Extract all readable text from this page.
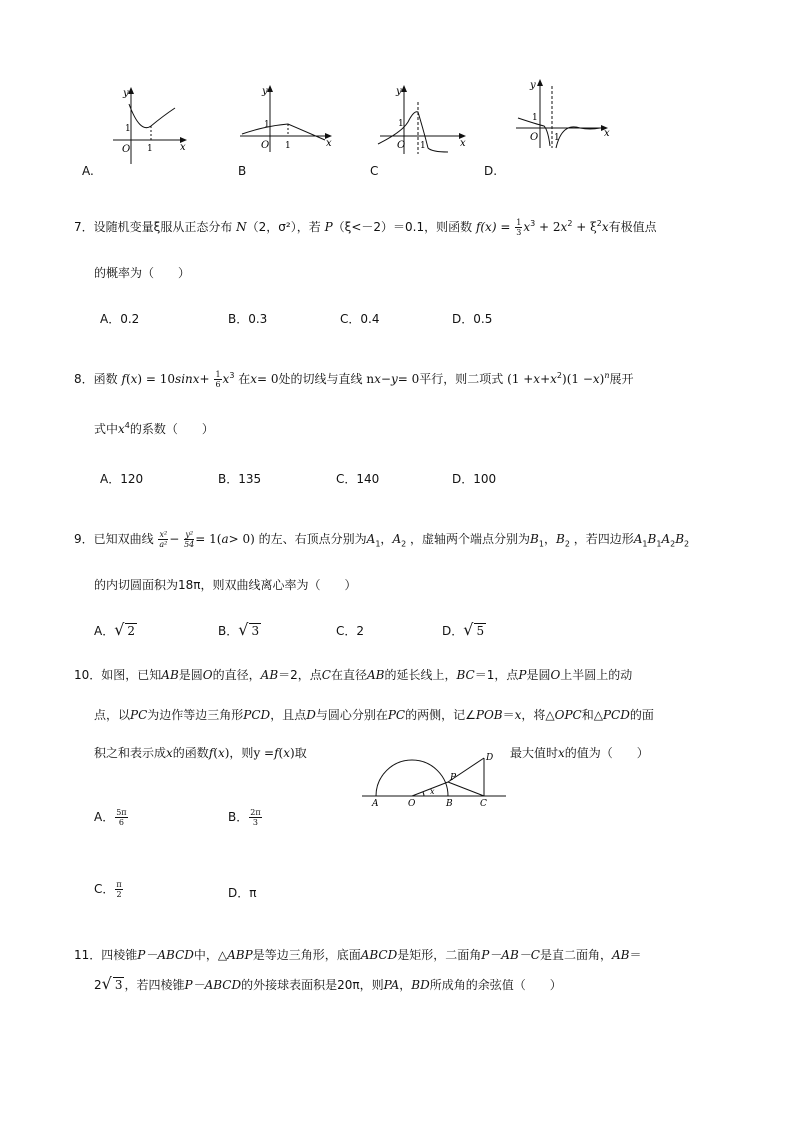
y
x
O
1
1
A.
y
x
O
1
1
B
y
x
O
1
1
C
y
x
O
1
1
D.
7．设随机变量ξ服从正态分布 N（2，σ²），若 P（ξ<－2）＝0.1，则函数 $f(x) = \frac{1}{3} x^3 + 2x^2 + \xi^2x$有极值点
的概率为（　　）
A．0.2	B．0.3	C．0.4	D．0.5
8．函数 $f(x) = 10\sin x+ \frac{1}{6} x^3$ 在x= 0处的切线与直线 nx−y= 0平行，则二项式 $(1 +x+x^2)(1 -x)^n$展开
式中$x^4$的系数（　　）
A．120	B．135	C．140	D．100
9．已知双曲线 $\frac{\text{x²}}{\text{a²}} - \frac{\text{y²}}{54} = 1(a> 0)$ 的左、右顶点分别为$A_1$，$A_2$ ，虚轴两个端点分别为$B_1$，$B_2$ ，若四边形$A_1B_1A_2B_2$
的内切圆面积为18π，则双曲线离心率为（　　）
A．√ 2	B．√ 3	C．2	D．√ 5
10．如图，已知AB是圆O的直径，AB＝2，点C在直径AB的延长线上，BC＝1，点P是圆O上半圆上的动
点，以PC为边作等边三角形PCD，且点D与圆心分别在PC的两侧，记∠POB＝x，将△OPC和△PCD的面
积之和表示成x的函数f(x)，则y =f(x)取	最大值时x的值为（　　）
A	O	B	C
P
D
x
A． $\frac{5\pi}{6}$	B． $\frac{2\pi}{3}$
C． $\frac{\pi}{2}$	D．π
11．四棱锥P－ABCD中，△ABP是等边三角形，底面ABCD是矩形，二面角P－AB－C是直二面角，AB＝
2√ 3 ，若四棱锥P－ABCD的外接球表面积是20π，则PA，BD所成角的余弦值（　　）
